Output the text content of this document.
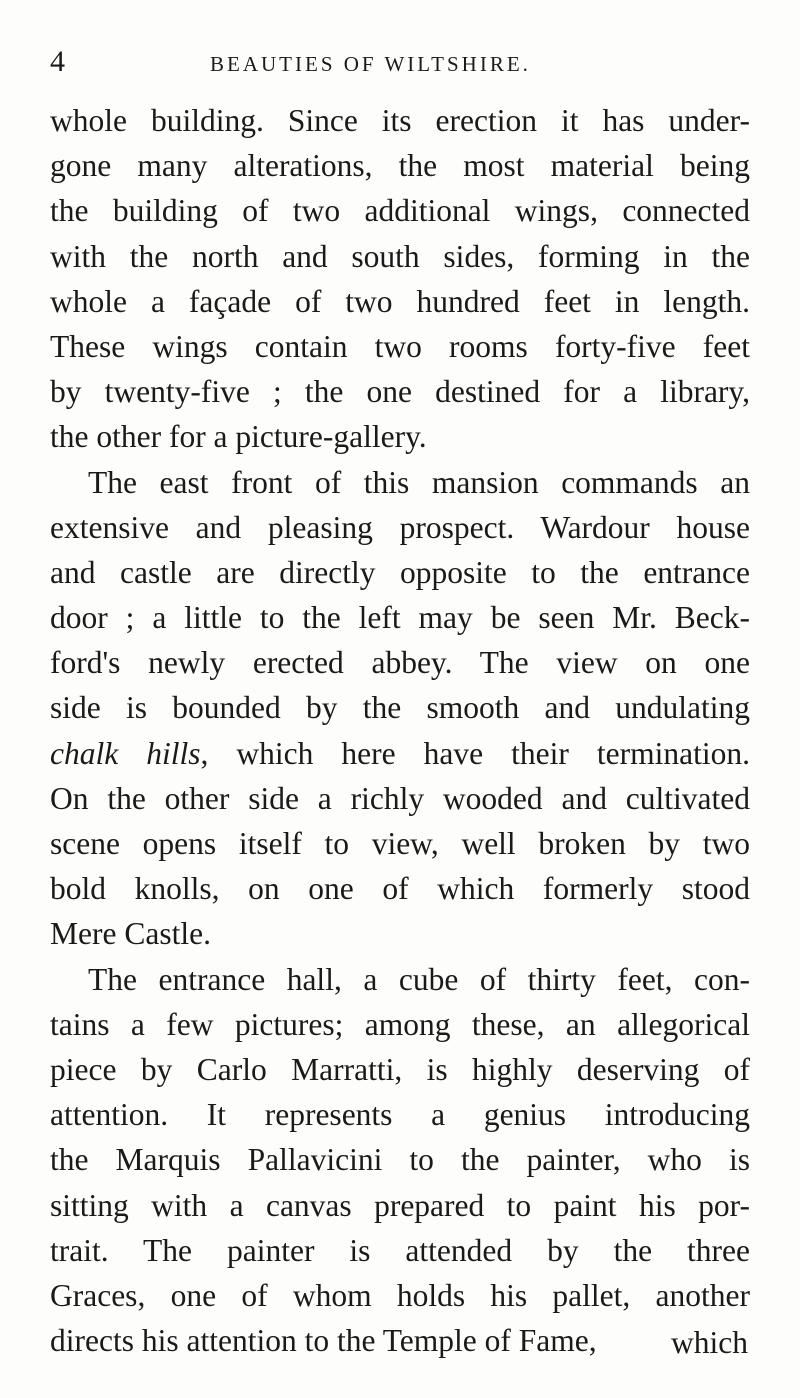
4	BEAUTIES OF WILTSHIRE.
whole building. Since its erection it has under-
gone many alterations, the most material being
the building of two additional wings, connected
with the north and south sides, forming in the
whole a façade of two hundred feet in length.
These wings contain two rooms forty-five feet
by twenty-five ; the one destined for a library,
the other for a picture-gallery.
The east front of this mansion commands an
extensive and pleasing prospect. Wardour house
and castle are directly opposite to the entrance
door ; a little to the left may be seen Mr. Beck-
ford's newly erected abbey. The view on one
side is bounded by the smooth and undulating
chalk hills, which here have their termination.
On the other side a richly wooded and cultivated
scene opens itself to view, well broken by two
bold knolls, on one of which formerly stood
Mere Castle.
The entrance hall, a cube of thirty feet, con-
tains a few pictures; among these, an allegorical
piece by Carlo Marratti, is highly deserving of
attention. It represents a genius introducing
the Marquis Pallavicini to the painter, who is
sitting with a canvas prepared to paint his por-
trait. The painter is attended by the three
Graces, one of whom holds his pallet, another
directs his attention to the Temple of Fame,	which
